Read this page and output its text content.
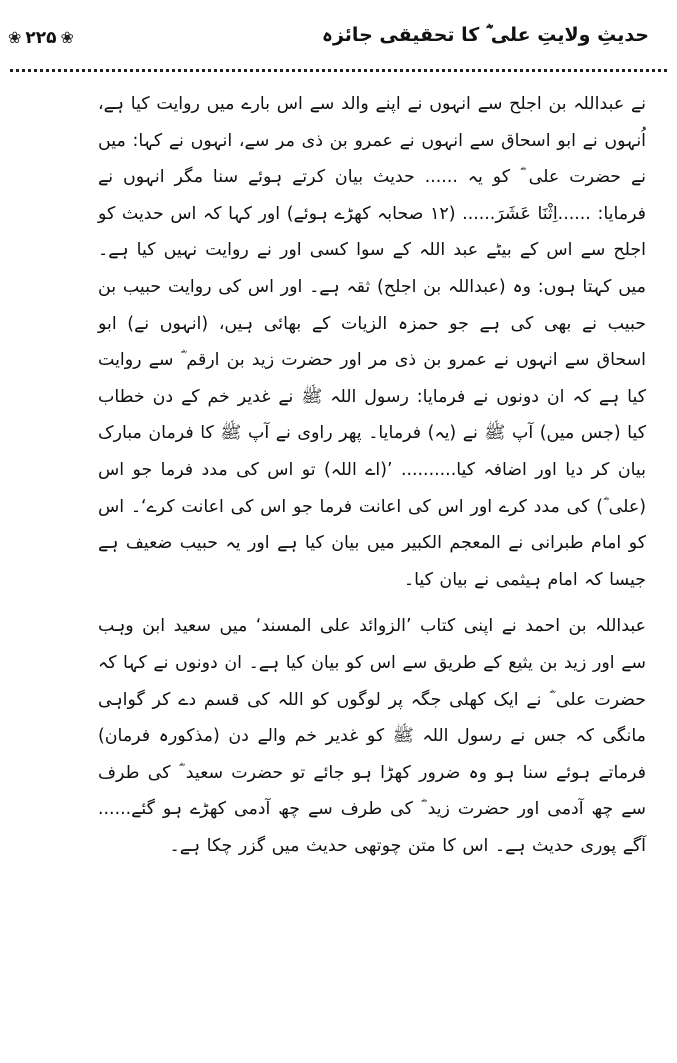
حدیثِ ولایتِ علی ؓ کا تحقیقی جائزہ
❀ ۲۲۵ ❀

نے عبداللہ بن اجلح سے انہوں نے اپنے والد سے اس بارے میں روایت کیا ہے، اُنہوں نے ابو اسحاق سے انہوں نے عمرو بن ذی مر سے، انہوں نے کہا: میں نے حضرت علی ؓ کو یہ ...... حدیث بیان کرتے ہوئے سنا مگر انہوں نے فرمایا: ......اِثْنَا عَشَرَ...... (۱۲ صحابہ کھڑے ہوئے) اور کہا کہ اس حدیث کو اجلح سے اس کے بیٹے عبد اللہ کے سوا کسی اور نے روایت نہیں کیا ہے۔ میں کہتا ہوں: وہ (عبداللہ بن اجلح) ثقہ ہے۔ اور اس کی روایت حبیب بن حبیب نے بھی کی ہے جو حمزہ الزیات کے بھائی ہیں، (انہوں نے) ابو اسحاق سے انہوں نے عمرو بن ذی مر اور حضرت زید بن ارقم ؓ سے روایت کیا ہے کہ ان دونوں نے فرمایا: رسول اللہ ﷺ نے غدیر خم کے دن خطاب کیا (جس میں) آپ ﷺ نے (یہ) فرمایا۔ پھر راوی نے آپ ﷺ کا فرمان مبارک بیان کر دیا اور اضافہ کیا.......... ’(اے اللہ) تو اس کی مدد فرما جو اس (علی ؓ) کی مدد کرے اور اس کی اعانت فرما جو اس کی اعانت کرے‘۔ اس کو امام طبرانی نے المعجم الکبیر میں بیان کیا ہے اور یہ حبیب ضعیف ہے جیسا کہ امام ہیثمی نے بیان کیا۔

عبداللہ بن احمد نے اپنی کتاب ’الزوائد علی المسند‘ میں سعید ابن وہب سے اور زید بن یثیع کے طریق سے اس کو بیان کیا ہے۔ ان دونوں نے کہا کہ حضرت علی ؓ نے ایک کھلی جگہ پر لوگوں کو اللہ کی قسم دے کر گواہی مانگی کہ جس نے رسول اللہ ﷺ کو غدیر خم والے دن (مذکورہ فرمان) فرماتے ہوئے سنا ہو وہ ضرور کھڑا ہو جائے تو حضرت سعید ؓ کی طرف سے چھ آدمی اور حضرت زید ؓ کی طرف سے چھ آدمی کھڑے ہو گئے...... آگے پوری حدیث ہے۔ اس کا متن چوتھی حدیث میں گزر چکا ہے۔
